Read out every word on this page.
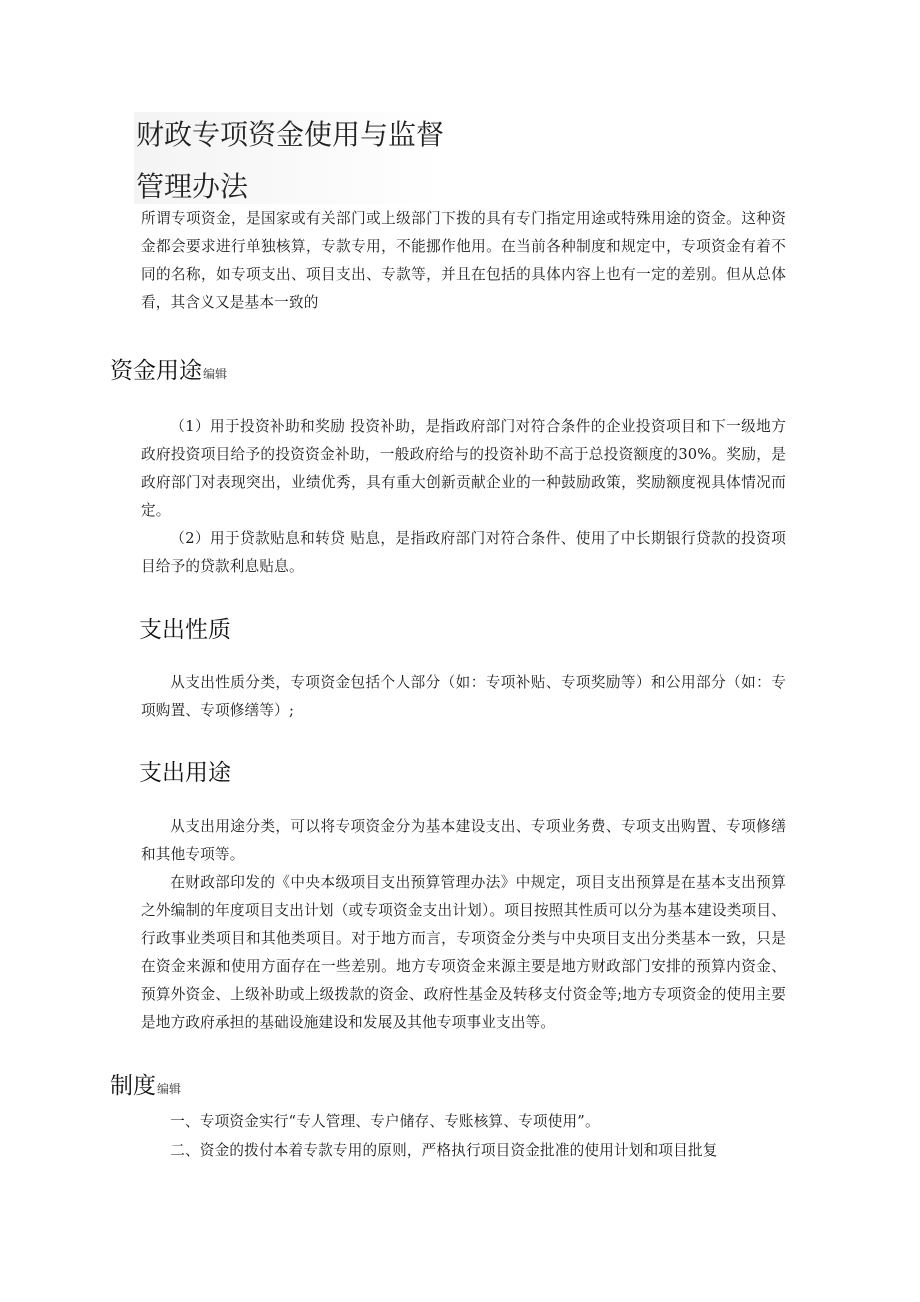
财政专项资金使用与监督
管理办法

所谓专项资金，是国家或有关部门或上级部门下拨的具有专门指定用途或特殊用途的资金。这种资金都会要求进行单独核算，专款专用，不能挪作他用。在当前各种制度和规定中，专项资金有着不同的名称，如专项支出、项目支出、专款等，并且在包括的具体内容上也有一定的差别。但从总体看，其含义又是基本一致的

资金用途编辑

（1）用于投资补助和奖励 投资补助，是指政府部门对符合条件的企业投资项目和下一级地方政府投资项目给予的投资资金补助，一般政府给与的投资补助不高于总投资额度的30%。奖励，是政府部门对表现突出，业绩优秀，具有重大创新贡献企业的一种鼓励政策，奖励额度视具体情况而定。

（2）用于贷款贴息和转贷 贴息，是指政府部门对符合条件、使用了中长期银行贷款的投资项目给予的贷款利息贴息。

支出性质

从支出性质分类，专项资金包括个人部分（如：专项补贴、专项奖励等）和公用部分（如：专项购置、专项修缮等）;

支出用途

从支出用途分类，可以将专项资金分为基本建设支出、专项业务费、专项支出购置、专项修缮和其他专项等。

在财政部印发的《中央本级项目支出预算管理办法》中规定，项目支出预算是在基本支出预算之外编制的年度项目支出计划（或专项资金支出计划）。项目按照其性质可以分为基本建设类项目、行政事业类项目和其他类项目。对于地方而言，专项资金分类与中央项目支出分类基本一致，只是在资金来源和使用方面存在一些差别。地方专项资金来源主要是地方财政部门安排的预算内资金、预算外资金、上级补助或上级拨款的资金、政府性基金及转移支付资金等;地方专项资金的使用主要是地方政府承担的基础设施建设和发展及其他专项事业支出等。

制度编辑

一、专项资金实行“专人管理、专户储存、专账核算、专项使用”。

二、资金的拨付本着专款专用的原则，严格执行项目资金批准的使用计划和项目批复
